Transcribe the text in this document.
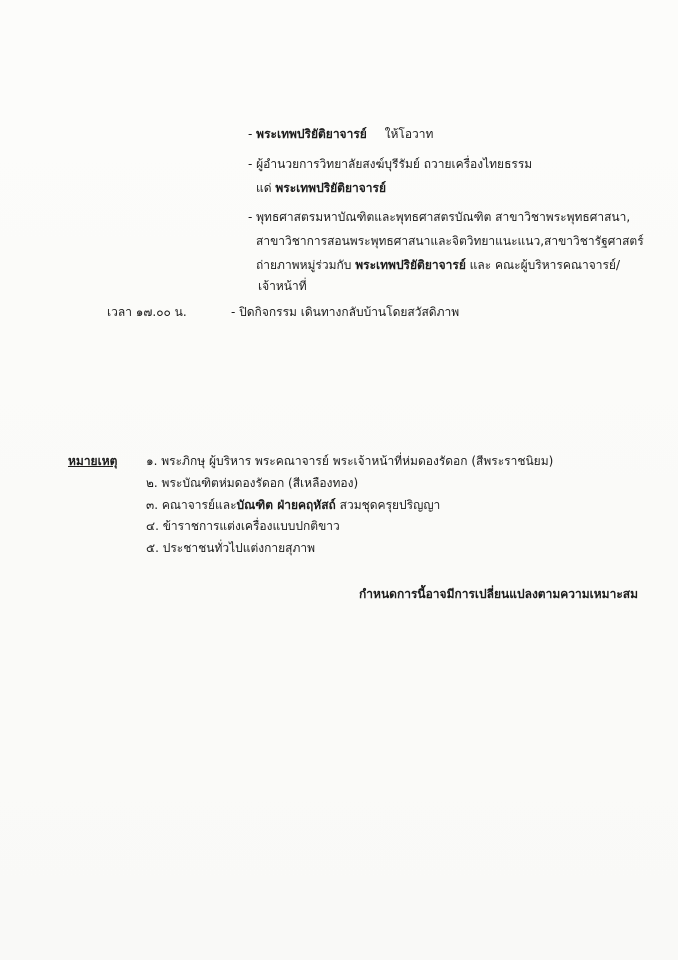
- พระเทพปริยัติยาจารย์ ให้โอวาท
- ผู้อำนวยการวิทยาลัยสงฆ์บุรีรัมย์ ถวายเครื่องไทยธรรม
แด่ พระเทพปริยัติยาจารย์
- พุทธศาสตรมหาบัณฑิตและพุทธศาสตรบัณฑิต สาขาวิชาพระพุทธศาสนา,
สาขาวิชาการสอนพระพุทธศาสนาและจิตวิทยาแนะแนว,สาขาวิชารัฐศาสตร์
ถ่ายภาพหมู่ร่วมกับ พระเทพปริยัติยาจารย์ และ คณะผู้บริหารคณาจารย์/
เจ้าหน้าที่
เวลา ๑๗.๐๐ น.	- ปิดกิจกรรม เดินทางกลับบ้านโดยสวัสดิภาพ
หมายเหตุ ๑. พระภิกษุ ผู้บริหาร พระคณาจารย์ พระเจ้าหน้าที่ห่มดองรัดอก (สีพระราชนิยม)
๒. พระบัณฑิตห่มดองรัดอก (สีเหลืองทอง)
๓. คณาจารย์และบัณฑิต ฝ่ายคฤหัสถ์ สวมชุดครุยปริญญา
๔. ข้าราชการแต่งเครื่องแบบปกติขาว
๕. ประชาชนทั่วไปแต่งกายสุภาพ
กำหนดการนี้อาจมีการเปลี่ยนแปลงตามความเหมาะสม
